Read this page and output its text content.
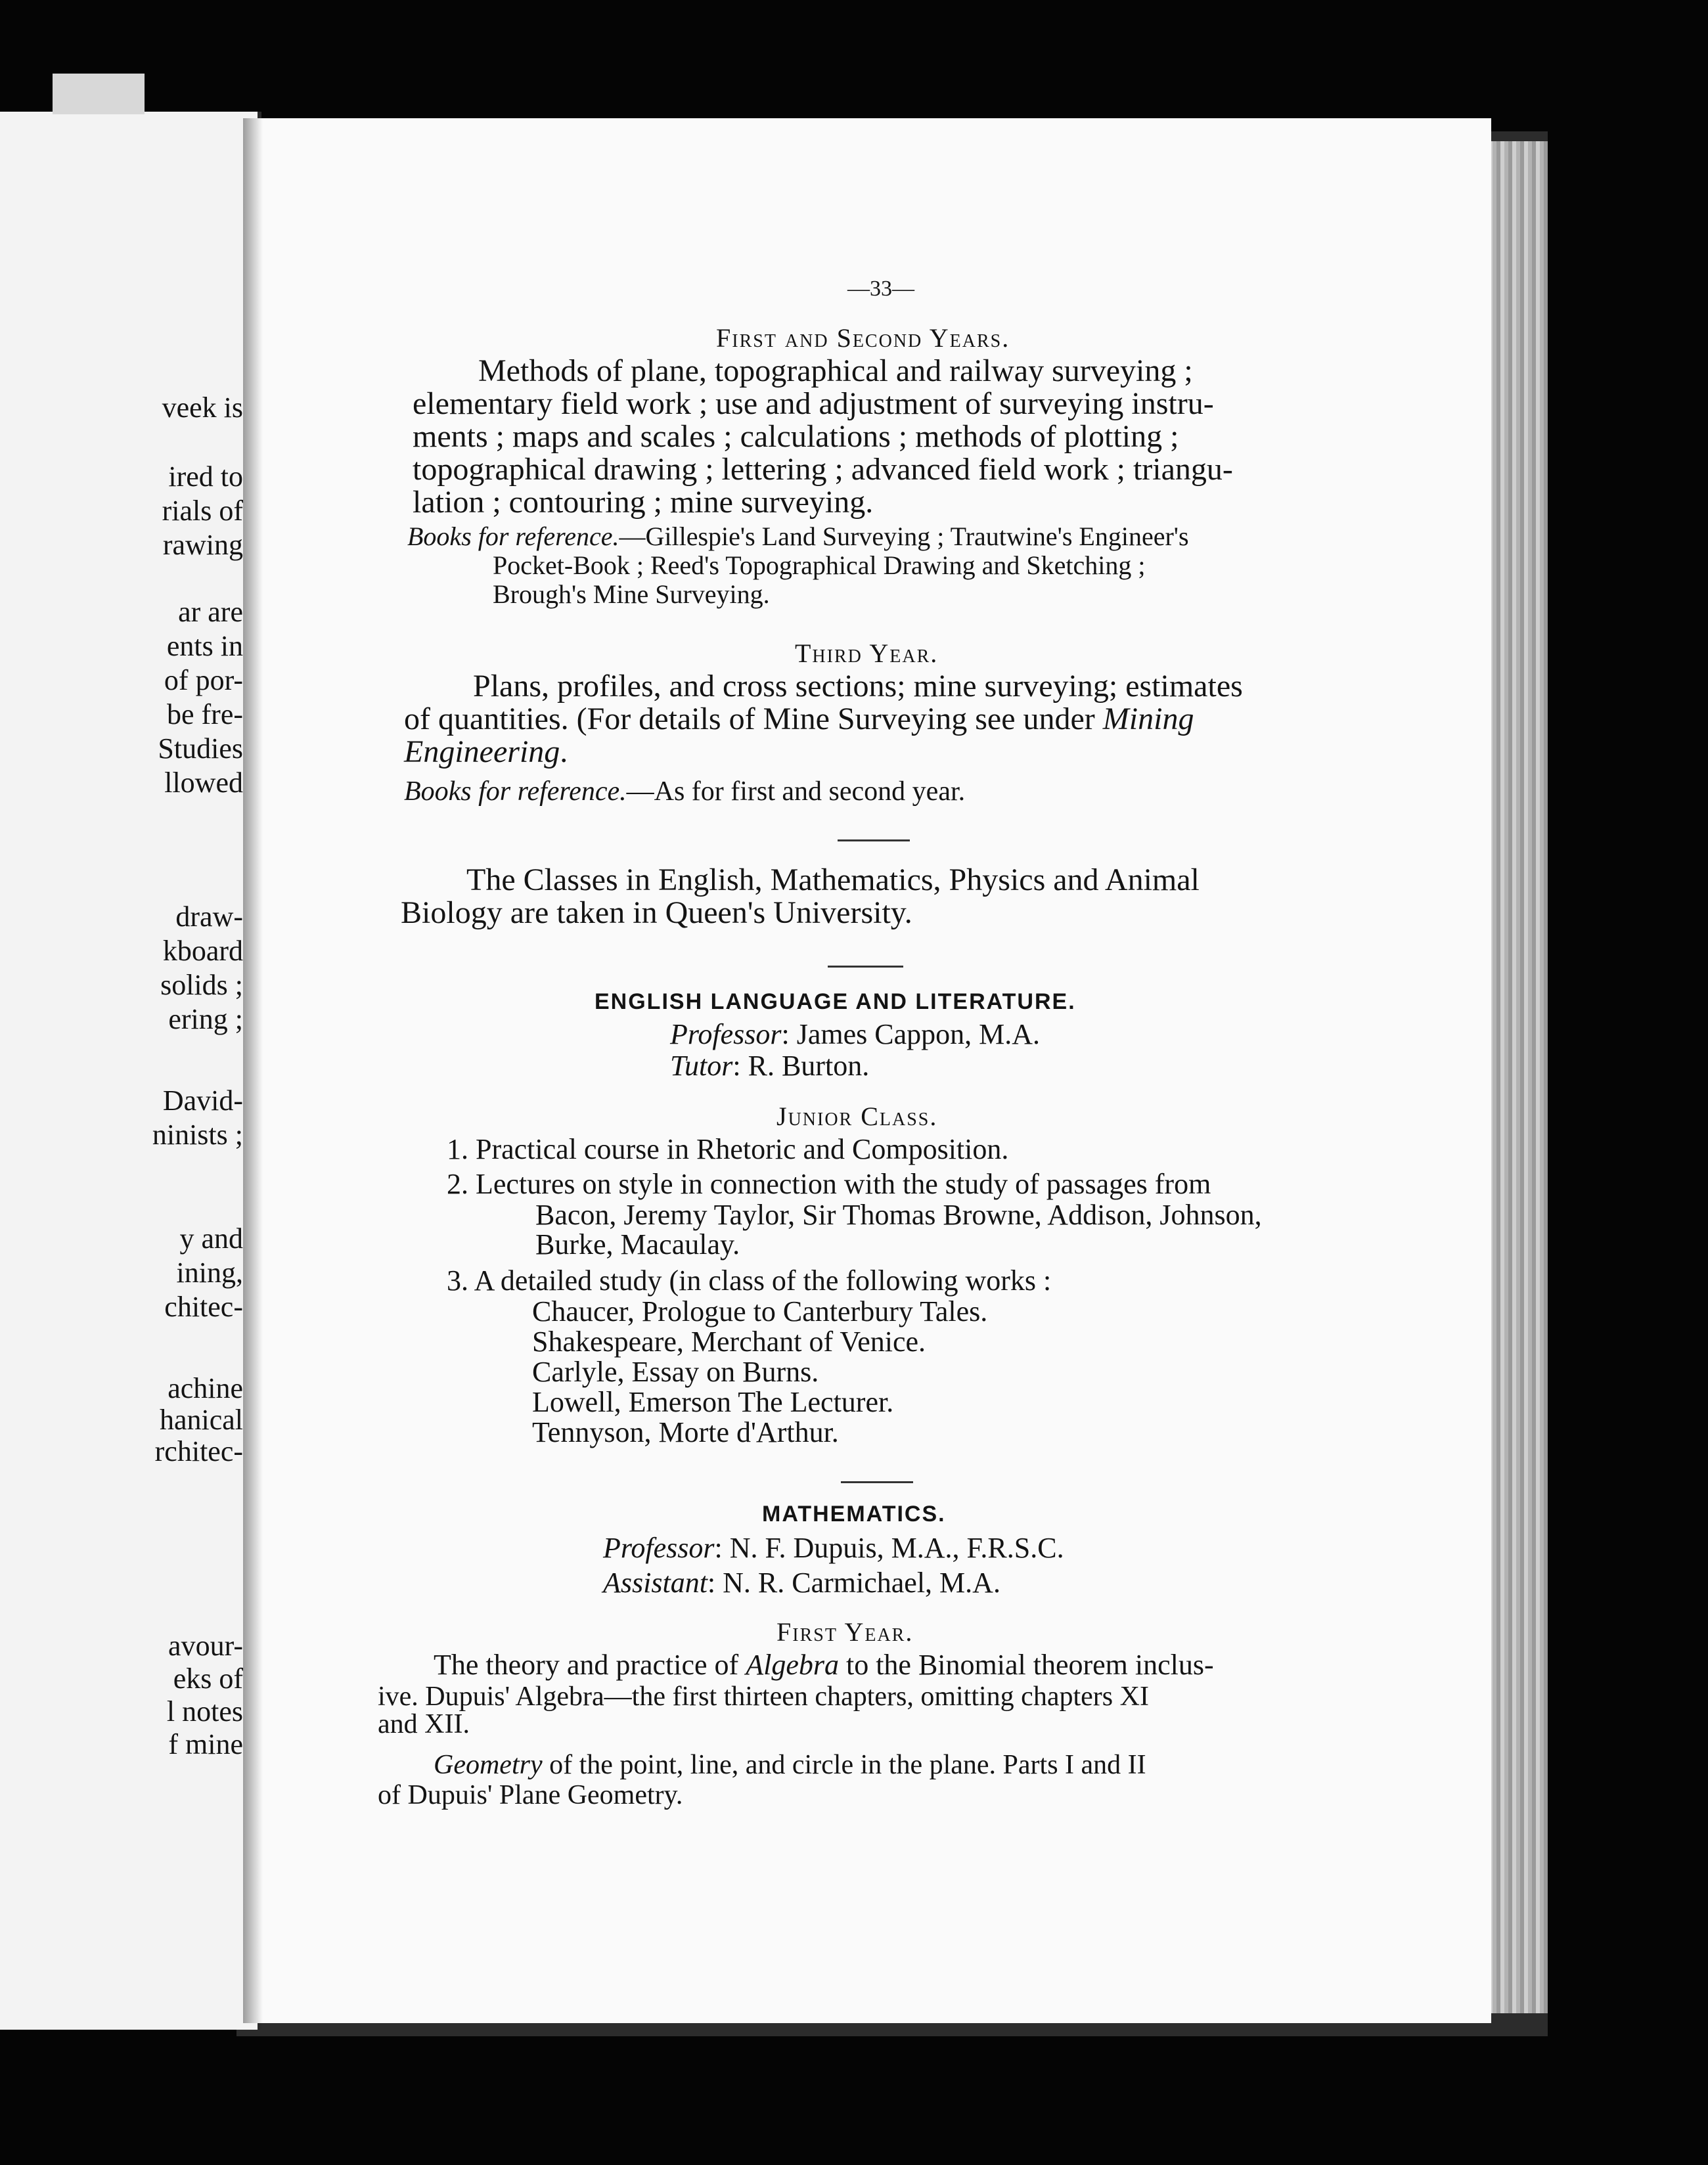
veek is
ired to
rials of
rawing
ar are
ents in
of por-
be fre-
Studies
llowed
draw-
kboard
solids ;
ering ;
David-
ninists ;
y and
ining,
chitec-
achine
hanical
rchitec-
avour-
eks of
l notes
f mine
—33—
First and Second Years.
Methods of plane, topographical and railway surveying ;
elementary field work ; use and adjustment of surveying instru-
ments ; maps and scales ; calculations ; methods of plotting ;
topographical drawing ; lettering ; advanced field work ; triangu-
lation ; contouring ; mine surveying.
Books for reference.—Gillespie's Land Surveying ; Trautwine's Engineer's
Pocket-Book ; Reed's Topographical Drawing and Sketching ;
Brough's Mine Surveying.
Third Year.
Plans, profiles, and cross sections; mine surveying; estimates
of quantities. (For details of Mine Surveying see under Mining
Engineering.
Books for reference.—As for first and second year.
The Classes in English, Mathematics, Physics and Animal
Biology are taken in Queen's University.
ENGLISH LANGUAGE AND LITERATURE.
Professor: James Cappon, M.A.
Tutor: R. Burton.
Junior Class.
1. Practical course in Rhetoric and Composition.
2. Lectures on style in connection with the study of passages from
Bacon, Jeremy Taylor, Sir Thomas Browne, Addison, Johnson,
Burke, Macaulay.
3. A detailed study (in class of the following works :
Chaucer, Prologue to Canterbury Tales.
Shakespeare, Merchant of Venice.
Carlyle, Essay on Burns.
Lowell, Emerson The Lecturer.
Tennyson, Morte d'Arthur.
MATHEMATICS.
Professor: N. F. Dupuis, M.A., F.R.S.C.
Assistant: N. R. Carmichael, M.A.
First Year.
The theory and practice of Algebra to the Binomial theorem inclus-
ive. Dupuis' Algebra—the first thirteen chapters, omitting chapters XI
and XII.
Geometry of the point, line, and circle in the plane. Parts I and II
of Dupuis' Plane Geometry.
